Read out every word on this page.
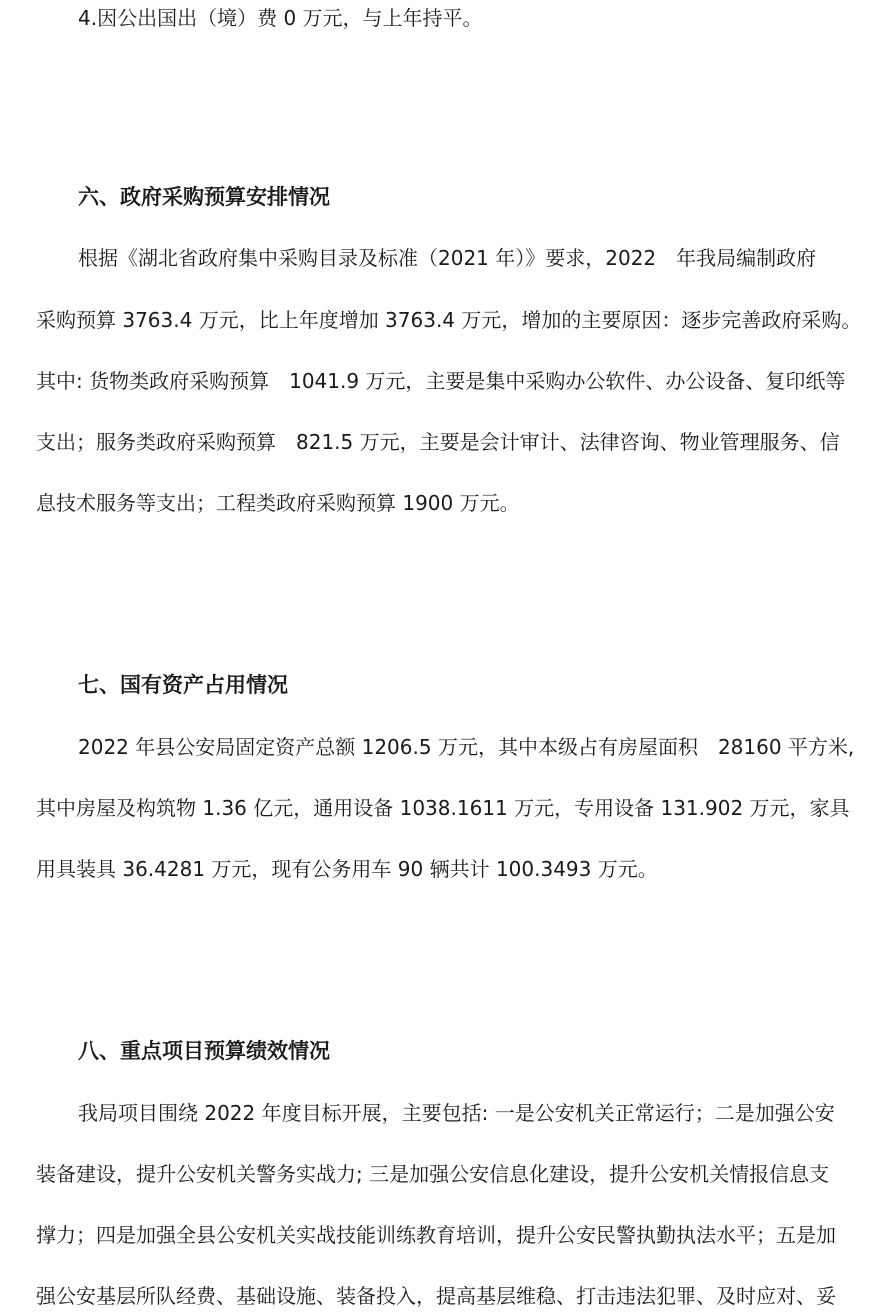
4.因公出国出（境）费 0 万元，与上年持平。

六、政府采购预算安排情况

根据《湖北省政府集中采购目录及标准（2021 年）》要求，2022　年我局编制政府

采购预算 3763.4 万元，比上年度增加 3763.4 万元，增加的主要原因：逐步完善政府采购。

其中: 货物类政府采购预算　1041.9 万元，主要是集中采购办公软件、办公设备、复印纸等

支出；服务类政府采购预算　821.5 万元，主要是会计审计、法律咨询、物业管理服务、信

息技术服务等支出；工程类政府采购预算 1900 万元。

七、国有资产占用情况

2022 年县公安局固定资产总额 1206.5 万元，其中本级占有房屋面积　28160 平方米,

其中房屋及构筑物 1.36 亿元，通用设备 1038.1611 万元，专用设备 131.902 万元，家具

用具装具 36.4281 万元，现有公务用车 90 辆共计 100.3493 万元。

八、重点项目预算绩效情况

我局项目围绕 2022 年度目标开展，主要包括: 一是公安机关正常运行；二是加强公安

装备建设，提升公安机关警务实战力; 三是加强公安信息化建设，提升公安机关情报信息支

撑力；四是加强全县公安机关实战技能训练教育培训，提升公安民警执勤执法水平；五是加

强公安基层所队经费、基础设施、装备投入，提高基层维稳、打击违法犯罪、及时应对、妥
